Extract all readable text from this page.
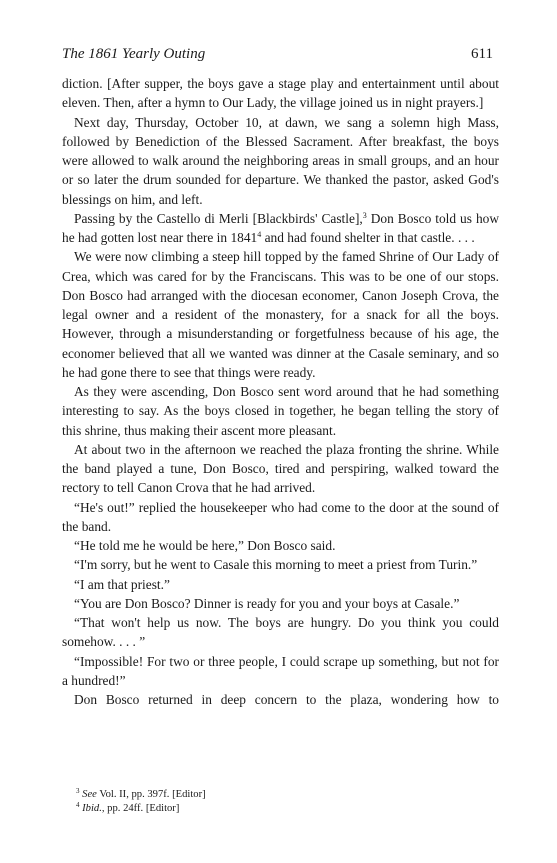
The 1861 Yearly Outing	611

diction. [After supper, the boys gave a stage play and entertainment until about eleven. Then, after a hymn to Our Lady, the village joined us in night prayers.]

Next day, Thursday, October 10, at dawn, we sang a solemn high Mass, followed by Benediction of the Blessed Sacrament. After breakfast, the boys were allowed to walk around the neighboring areas in small groups, and an hour or so later the drum sounded for departure. We thanked the pastor, asked God's blessings on him, and left.

Passing by the Castello di Merli [Blackbirds' Castle],$^3$ Don Bosco told us how he had gotten lost near there in 1841$^4$ and had found shelter in that castle. . . .

We were now climbing a steep hill topped by the famed Shrine of Our Lady of Crea, which was cared for by the Franciscans. This was to be one of our stops. Don Bosco had arranged with the diocesan economer, Canon Joseph Crova, the legal owner and a resident of the monastery, for a snack for all the boys. However, through a misunderstanding or forgetfulness because of his age, the economer believed that all we wanted was dinner at the Casale seminary, and so he had gone there to see that things were ready.

As they were ascending, Don Bosco sent word around that he had something interesting to say. As the boys closed in together, he began telling the story of this shrine, thus making their ascent more pleasant.

At about two in the afternoon we reached the plaza fronting the shrine. While the band played a tune, Don Bosco, tired and perspiring, walked toward the rectory to tell Canon Crova that he had arrived.

“He's out!” replied the housekeeper who had come to the door at the sound of the band.

“He told me he would be here,” Don Bosco said.

“I'm sorry, but he went to Casale this morning to meet a priest from Turin.”

“I am that priest.”

“You are Don Bosco? Dinner is ready for you and your boys at Casale.”

“That won't help us now. The boys are hungry. Do you think you could somehow. . . . ”

“Impossible! For two or three people, I could scrape up something, but not for a hundred!”

Don Bosco returned in deep concern to the plaza, wondering how to

$^3$ See Vol. II, pp. 397f. [Editor]
$^4$ Ibid., pp. 24ff. [Editor]
